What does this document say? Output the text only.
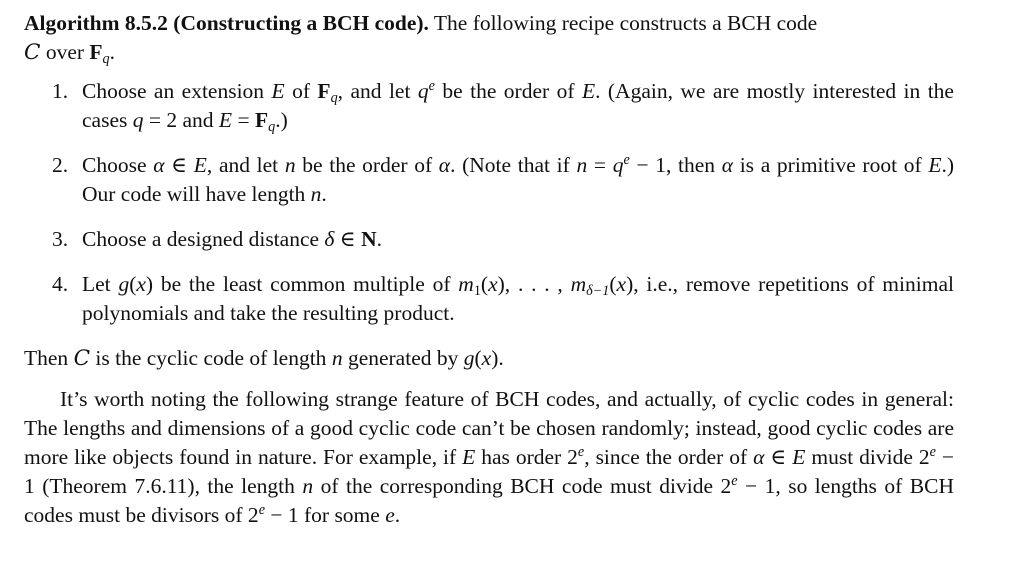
Algorithm 8.5.2 (Constructing a BCH code). The following recipe constructs a BCH code
C over $F_q$.

1. Choose an extension E of $F_q$, and let $q^e$ be the order of E. (Again, we are mostly interested in the cases q = 2 and $E = F_q$.)
2. Choose α ∈ E, and let n be the order of α. (Note that if $n = q^e - 1$, then α is a primitive root of E.) Our code will have length n.
3. Choose a designed distance δ ∈ N.
4. Let g(x) be the least common multiple of $m_1(x)$, . . . , $m_{\delta-1}(x)$, i.e., remove repetitions of minimal polynomials and take the resulting product.

Then C is the cyclic code of length n generated by g(x).

It’s worth noting the following strange feature of BCH codes, and actually, of cyclic codes in general: The lengths and dimensions of a good cyclic code can’t be chosen randomly; instead, good cyclic codes are more like objects found in nature. For example, if E has order 2e, since the order of α ∈ E must divide $2^e - 1$ (Theorem 7.6.11), the length n of the corresponding BCH code must divide $2^e - 1$, so lengths of BCH codes must be divisors of $2^e - 1$ for some e.
